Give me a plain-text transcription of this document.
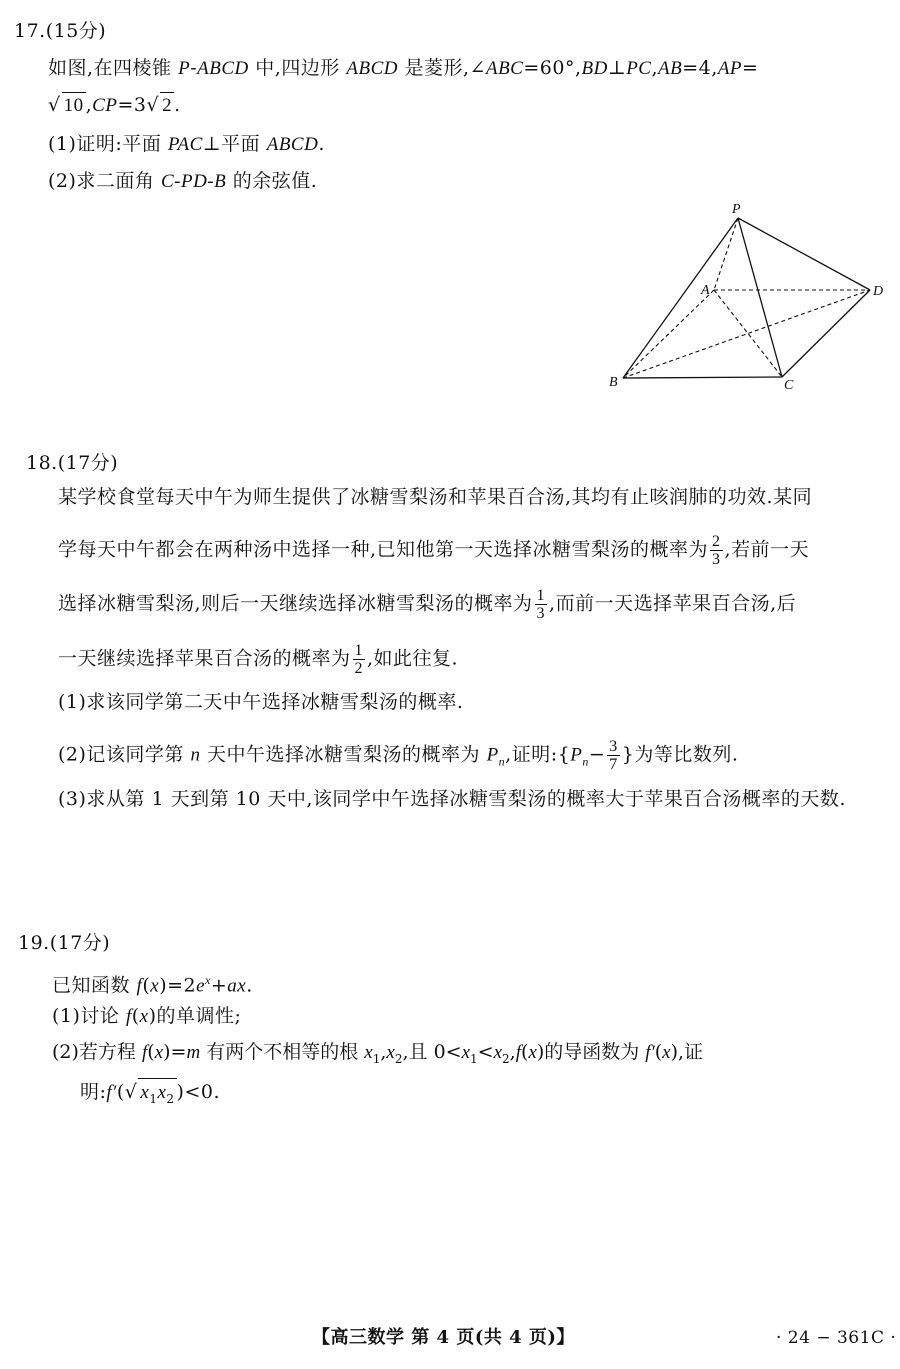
17.(15分)
如图,在四棱锥 P-ABCD 中,四边形 ABCD 是菱形,∠ABC=60°,BD⊥PC,AB=4,AP=
√ 10 ,CP=3√ 2 .
(1)证明:平面 PAC⊥平面 ABCD.
(2)求二面角 C-PD-B 的余弦值.
P
A
B	C
D
18.(17分)
某学校食堂每天中午为师生提供了冰糖雪梨汤和苹果百合汤,其均有止咳润肺的功效.某同
学每天中午都会在两种汤中选择一种,已知他第一天选择冰糖雪梨汤的概率为 $\frac{2}{3}$ ,若前一天
选择冰糖雪梨汤,则后一天继续选择冰糖雪梨汤的概率为 $\frac{1}{3}$ ,而前一天选择苹果百合汤,后
一天继续选择苹果百合汤的概率为 $\frac{1}{2}$ ,如此往复.
(1)求该同学第二天中午选择冰糖雪梨汤的概率.
(2)记该同学第 n 天中午选择冰糖雪梨汤的概率为 $P_n$,证明$:\{P_n- \frac{3}{7}$ }为等比数列.
(3)求从第 1 天到第 10 天中,该同学中午选择冰糖雪梨汤的概率大于苹果百合汤概率的天数.
19.(17分)
已知函数 $f(x)=2e^x+ax$.
(1)讨论 f(x)的单调性;
(2)若方程 f(x)=m 有两个不相等的根 $x_1,x_2$,且 $0<x_1<x_2,f(x)$的导函数为 f′(x),证
明:f′(√ $x_1x_2$ )<0.
【高三数学 第 4 页(共 4 页)】	· 24 − 361C ·
